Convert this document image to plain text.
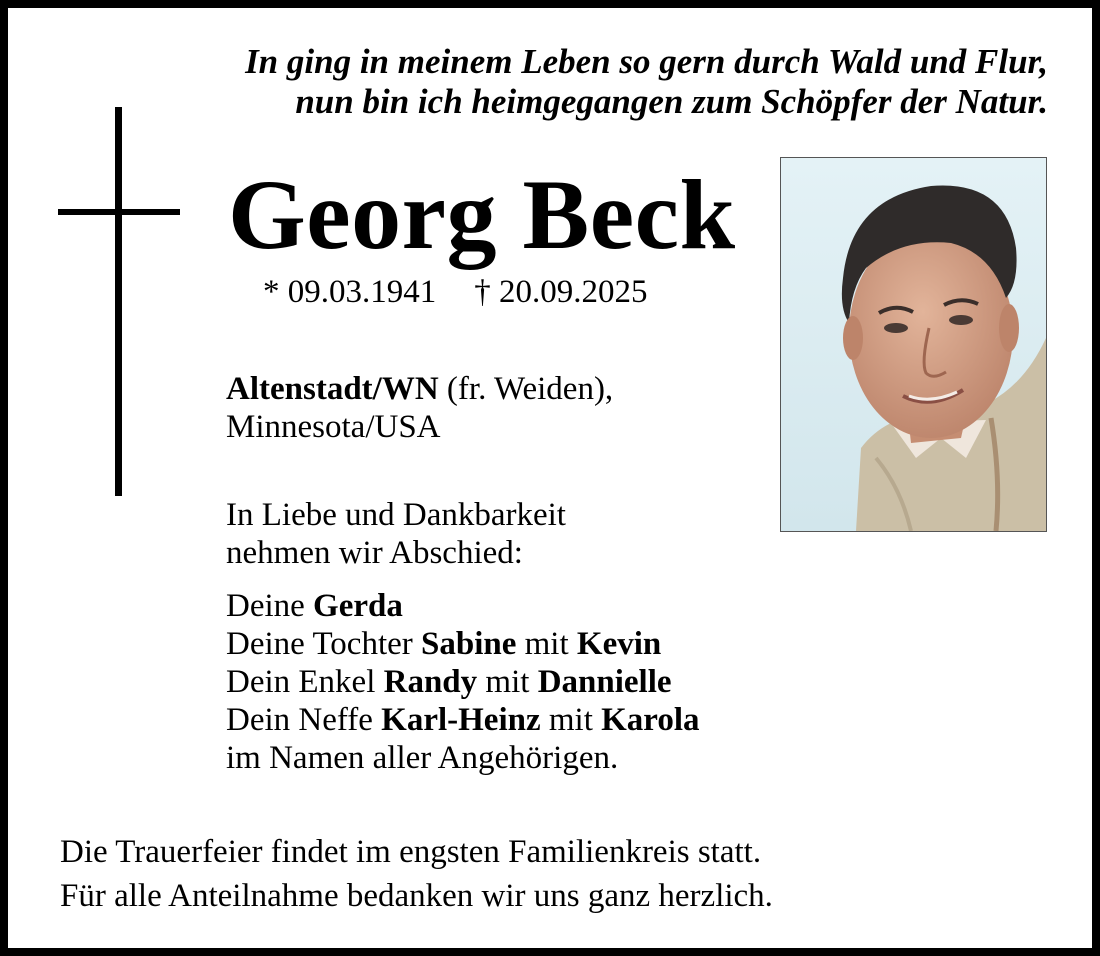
In ging in meinem Leben so gern durch Wald und Flur,
nun bin ich heimgegangen zum Schöpfer der Natur.
Georg Beck
* 09.03.1941 † 20.09.2025
Altenstadt/WN (fr. Weiden),
Minnesota/USA
In Liebe und Dankbarkeit
nehmen wir Abschied:
Deine Gerda
Deine Tochter Sabine mit Kevin
Dein Enkel Randy mit Dannielle
Dein Neffe Karl-Heinz mit Karola
im Namen aller Angehörigen.
Die Trauerfeier findet im engsten Familienkreis statt.
Für alle Anteilnahme bedanken wir uns ganz herzlich.
